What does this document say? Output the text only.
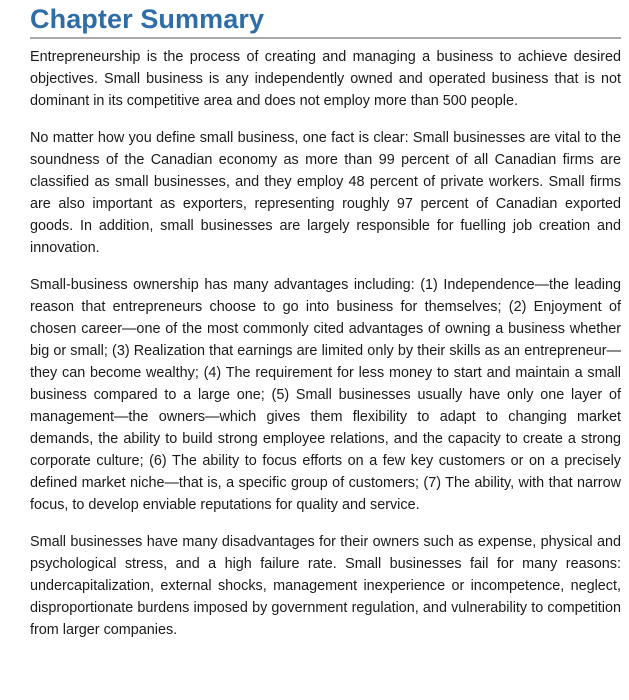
Chapter Summary

Entrepreneurship is the process of creating and managing a business to achieve desired objectives. Small business is any independently owned and operated business that is not dominant in its competitive area and does not employ more than 500 people.

No matter how you define small business, one fact is clear: Small businesses are vital to the soundness of the Canadian economy as more than 99 percent of all Canadian firms are classified as small businesses, and they employ 48 percent of private workers. Small firms are also important as exporters, representing roughly 97 percent of Canadian exported goods. In addition, small businesses are largely responsible for fuelling job creation and innovation.

Small-business ownership has many advantages including: (1) Independence—the leading reason that entrepreneurs choose to go into business for themselves; (2) Enjoyment of chosen career—one of the most commonly cited advantages of owning a business whether big or small; (3) Realization that earnings are limited only by their skills as an entrepreneur—they can become wealthy; (4) The requirement for less money to start and maintain a small business compared to a large one; (5) Small businesses usually have only one layer of management—the owners—which gives them flexibility to adapt to changing market demands, the ability to build strong employee relations, and the capacity to create a strong corporate culture; (6) The ability to focus efforts on a few key customers or on a precisely defined market niche—that is, a specific group of customers; (7) The ability, with that narrow focus, to develop enviable reputations for quality and service.

Small businesses have many disadvantages for their owners such as expense, physical and psychological stress, and a high failure rate. Small businesses fail for many reasons: undercapitalization, external shocks, management inexperience or incompetence, neglect, disproportionate burdens imposed by government regulation, and vulnerability to competition from larger companies.
